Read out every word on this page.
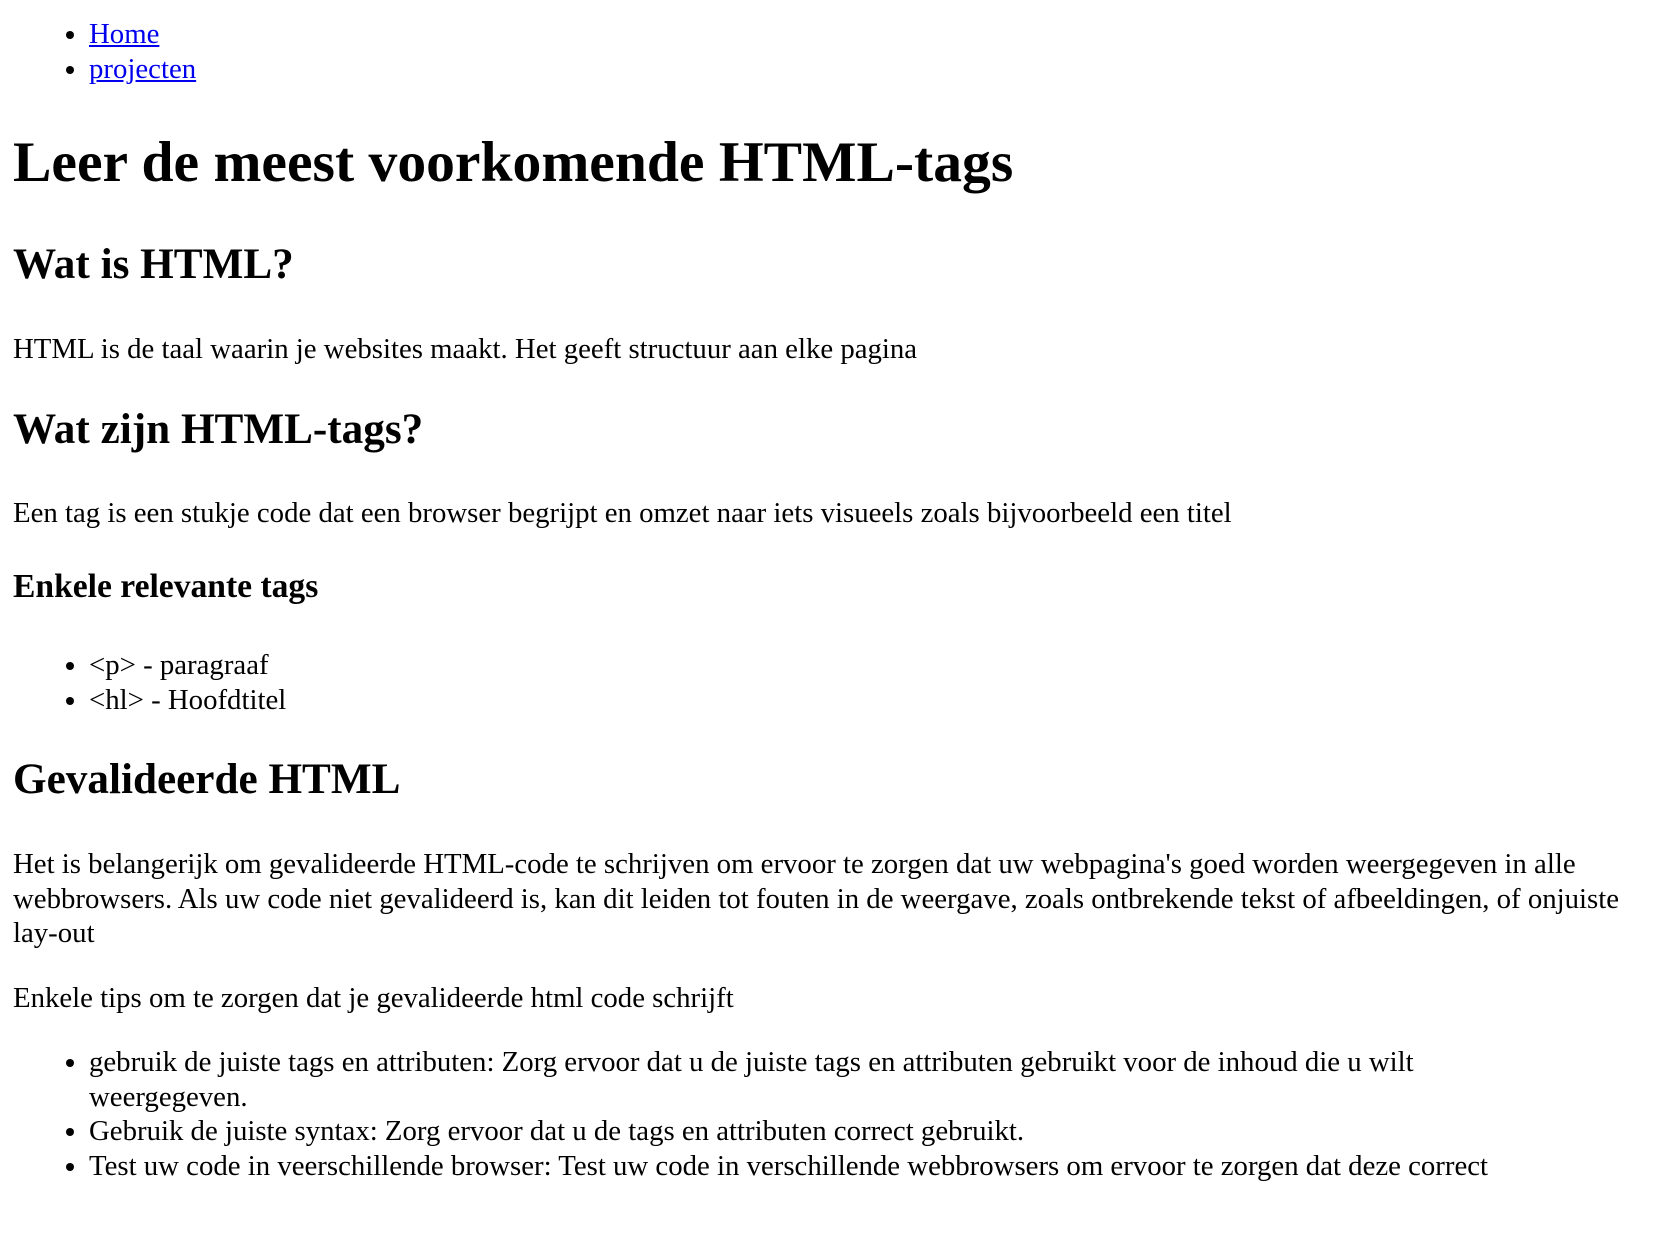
• Home
• projecten
Leer de meest voorkomende HTML-tags
Wat is HTML?

HTML is de taal waarin je websites maakt. Het geeft structuur aan elke pagina

Wat zijn HTML-tags?

Een tag is een stukje code dat een browser begrijpt en omzet naar iets visueels zoals bijvoorbeeld een titel

Enkele relevante tags
• <p> - paragraaf
• <hl> - Hoofdtitel
Gevalideerde HTML

Het is belangerijk om gevalideerde HTML-code te schrijven om ervoor te zorgen dat uw webpagina's goed worden weergegeven in alle webbrowsers. Als uw code niet gevalideerd is, kan dit leiden tot fouten in de weergave, zoals ontbrekende tekst of afbeeldingen, of onjuiste lay-out

Enkele tips om te zorgen dat je gevalideerde html code schrijft

• gebruik de juiste tags en attributen: Zorg ervoor dat u de juiste tags en attributen gebruikt voor de inhoud die u wilt weergegeven.
• Gebruik de juiste syntax: Zorg ervoor dat u de tags en attributen correct gebruikt.
• Test uw code in veerschillende browser: Test uw code in verschillende webbrowsers om ervoor te zorgen dat deze correct
